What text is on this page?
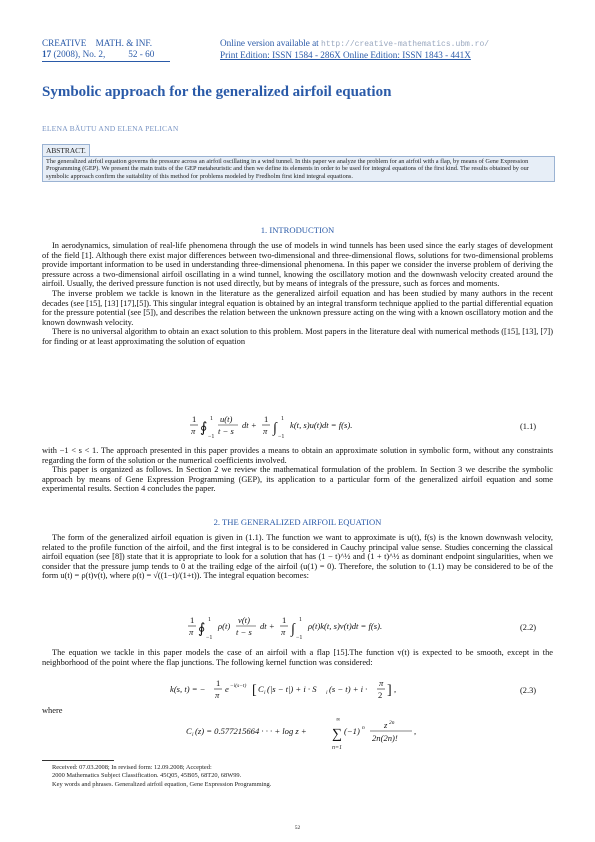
CREATIVE    MATH. & INF.
17 (2008), No. 2,          52 - 60
Online version available at http://creative-mathematics.ubm.ro/
Print Edition: ISSN 1584 - 286X Online Edition: ISSN 1843 - 441X
Symbolic approach for the generalized airfoil equation
ELENA BĂUTU AND ELENA PELICAN
ABSTRACT.
The generalized airfoil equation governs the pressure across an airfoil oscillating in a wind tunnel. In this paper we analyze the problem for an airfoil with a flap, by means of Gene Expression Programming (GEP). We present the main traits of the GEP metaheuristic and then we define its elements in order to be used for integral equations of the first kind. The results obtained by our symbolic approach confirm the suitability of this method for problems modeled by Fredholm first kind integral equations.
1. INTRODUCTION

In aerodynamics, simulation of real-life phenomena through the use of models in wind tunnels has been used since the early stages of development of the field [1]. Although there exist major differences between two-dimensional and three-dimensional flows, solutions for two-dimensional problems provide important information to be used in understanding three-dimensional phenomena. In this paper we consider the inverse problem of deriving the pressure across a two-dimensional airfoil oscillating in a wind tunnel, knowing the oscillatory motion and the downwash velocity created around the airfoil. Usually, the derived pressure function is not used directly, but by means of integrals of the pressure, such as forces and moments.

The inverse problem we tackle is known in the literature as the generalized airfoil equation and has been studied by many authors in the recent decades (see [15], [13] [17],[5]). This singular integral equation is obtained by an integral transform technique applied to the partial differential equation for the pressure potential (see [5]), and describes the relation between the unknown pressure acting on the wing with a known oscillatory motion and the known downwash velocity.

There is no universal algorithm to obtain an exact solution to this problem. Most papers in the literature deal with numerical methods ([15], [13], [7]) for finding or at least approximating the solution of equation

1
π ∮
1
−1
u(t)
t − s
dt +
1
π ∫
1
−1
k(t, s)u(t)dt = f(s).	(1.1)

with −1 < s < 1. The approach presented in this paper provides a means to obtain an approximate solution in symbolic form, without any constraints regarding the form of the solution or the numerical coefficients involved.

This paper is organized as follows. In Section 2 we review the mathematical formulation of the problem. In Section 3 we describe the symbolic approach by means of Gene Expression Programming (GEP), its application to a particular form of the generalized airfoil equation and some experimental results. Section 4 concludes the paper.

2. THE GENERALIZED AIRFOIL EQUATION

The form of the generalized airfoil equation is given in (1.1). The function we want to approximate is u(t), f(s) is the known downwash velocity, related to the profile function of the airfoil, and the first integral is to be considered in Cauchy principal value sense. Studies concerning the classical airfoil equation (see [8]) state that it is appropriate to look for a solution that has (1 − t)^½ and (1 + t)^½ as dominant endpoint singularities, when we consider that the pressure jump tends to 0 at the trailing edge of the airfoil (u(1) = 0). Therefore, the solution to (1.1) may be considered to be of the form u(t) = ρ(t)v(t), where ρ(t) = √((1−t)/(1+t)). The integral equation becomes:

1
π ∮
1
−1
ρ(t)
v(t)
t − s
dt +
1
π ∫
1
−1
ρ(t)k(t, s)v(t)dt = f(s).	(2.2)

The equation we tackle in this paper models the case of an airfoil with a flap [15].The function v(t) is expected to be smooth, except in the neighborhood of the point where the flap junctions. The following kernel function was considered:

k(s, t) = −
1
π
e −i(s−t) [ C i (|s − t|) + i · S i (s − t) + i ·
π
2 ] ,	(2.3)
where
C i (z) = 0.577215664 · · · + log z +
∞
∑
n=1
(−1) n z 2n
2n(2n)!
,
Received: 07.03.2008; In revised form: 12.09.2008; Accepted:
2000 Mathematics Subject Classification. 45Q05, 45B05, 68T20, 68W99.
Key words and phrases. Generalized airfoil equation, Gene Expression Programming.
52
